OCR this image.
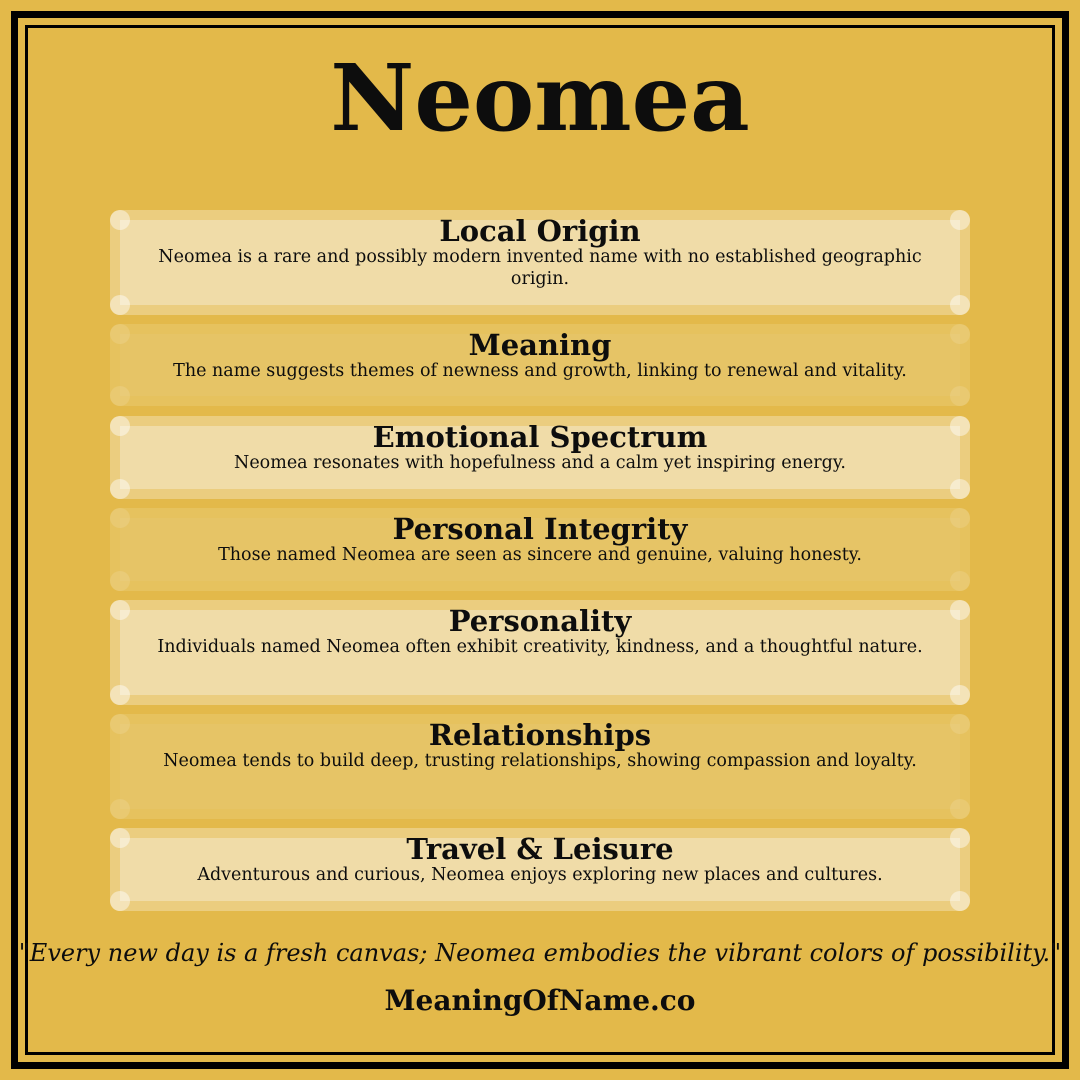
Neomea
Local Origin

Neomea is a rare and possibly modern invented name with no established geographic origin.

Meaning

The name suggests themes of newness and growth, linking to renewal and vitality.

Emotional Spectrum

Neomea resonates with hopefulness and a calm yet inspiring energy.

Personal Integrity

Those named Neomea are seen as sincere and genuine, valuing honesty.

Personality

Individuals named Neomea often exhibit creativity, kindness, and a thoughtful nature.

Relationships

Neomea tends to build deep, trusting relationships, showing compassion and loyalty.

Travel & Leisure

Adventurous and curious, Neomea enjoys exploring new places and cultures.

"Every new day is a fresh canvas; Neomea embodies the vibrant colors of possibility."
MeaningOfName.co
